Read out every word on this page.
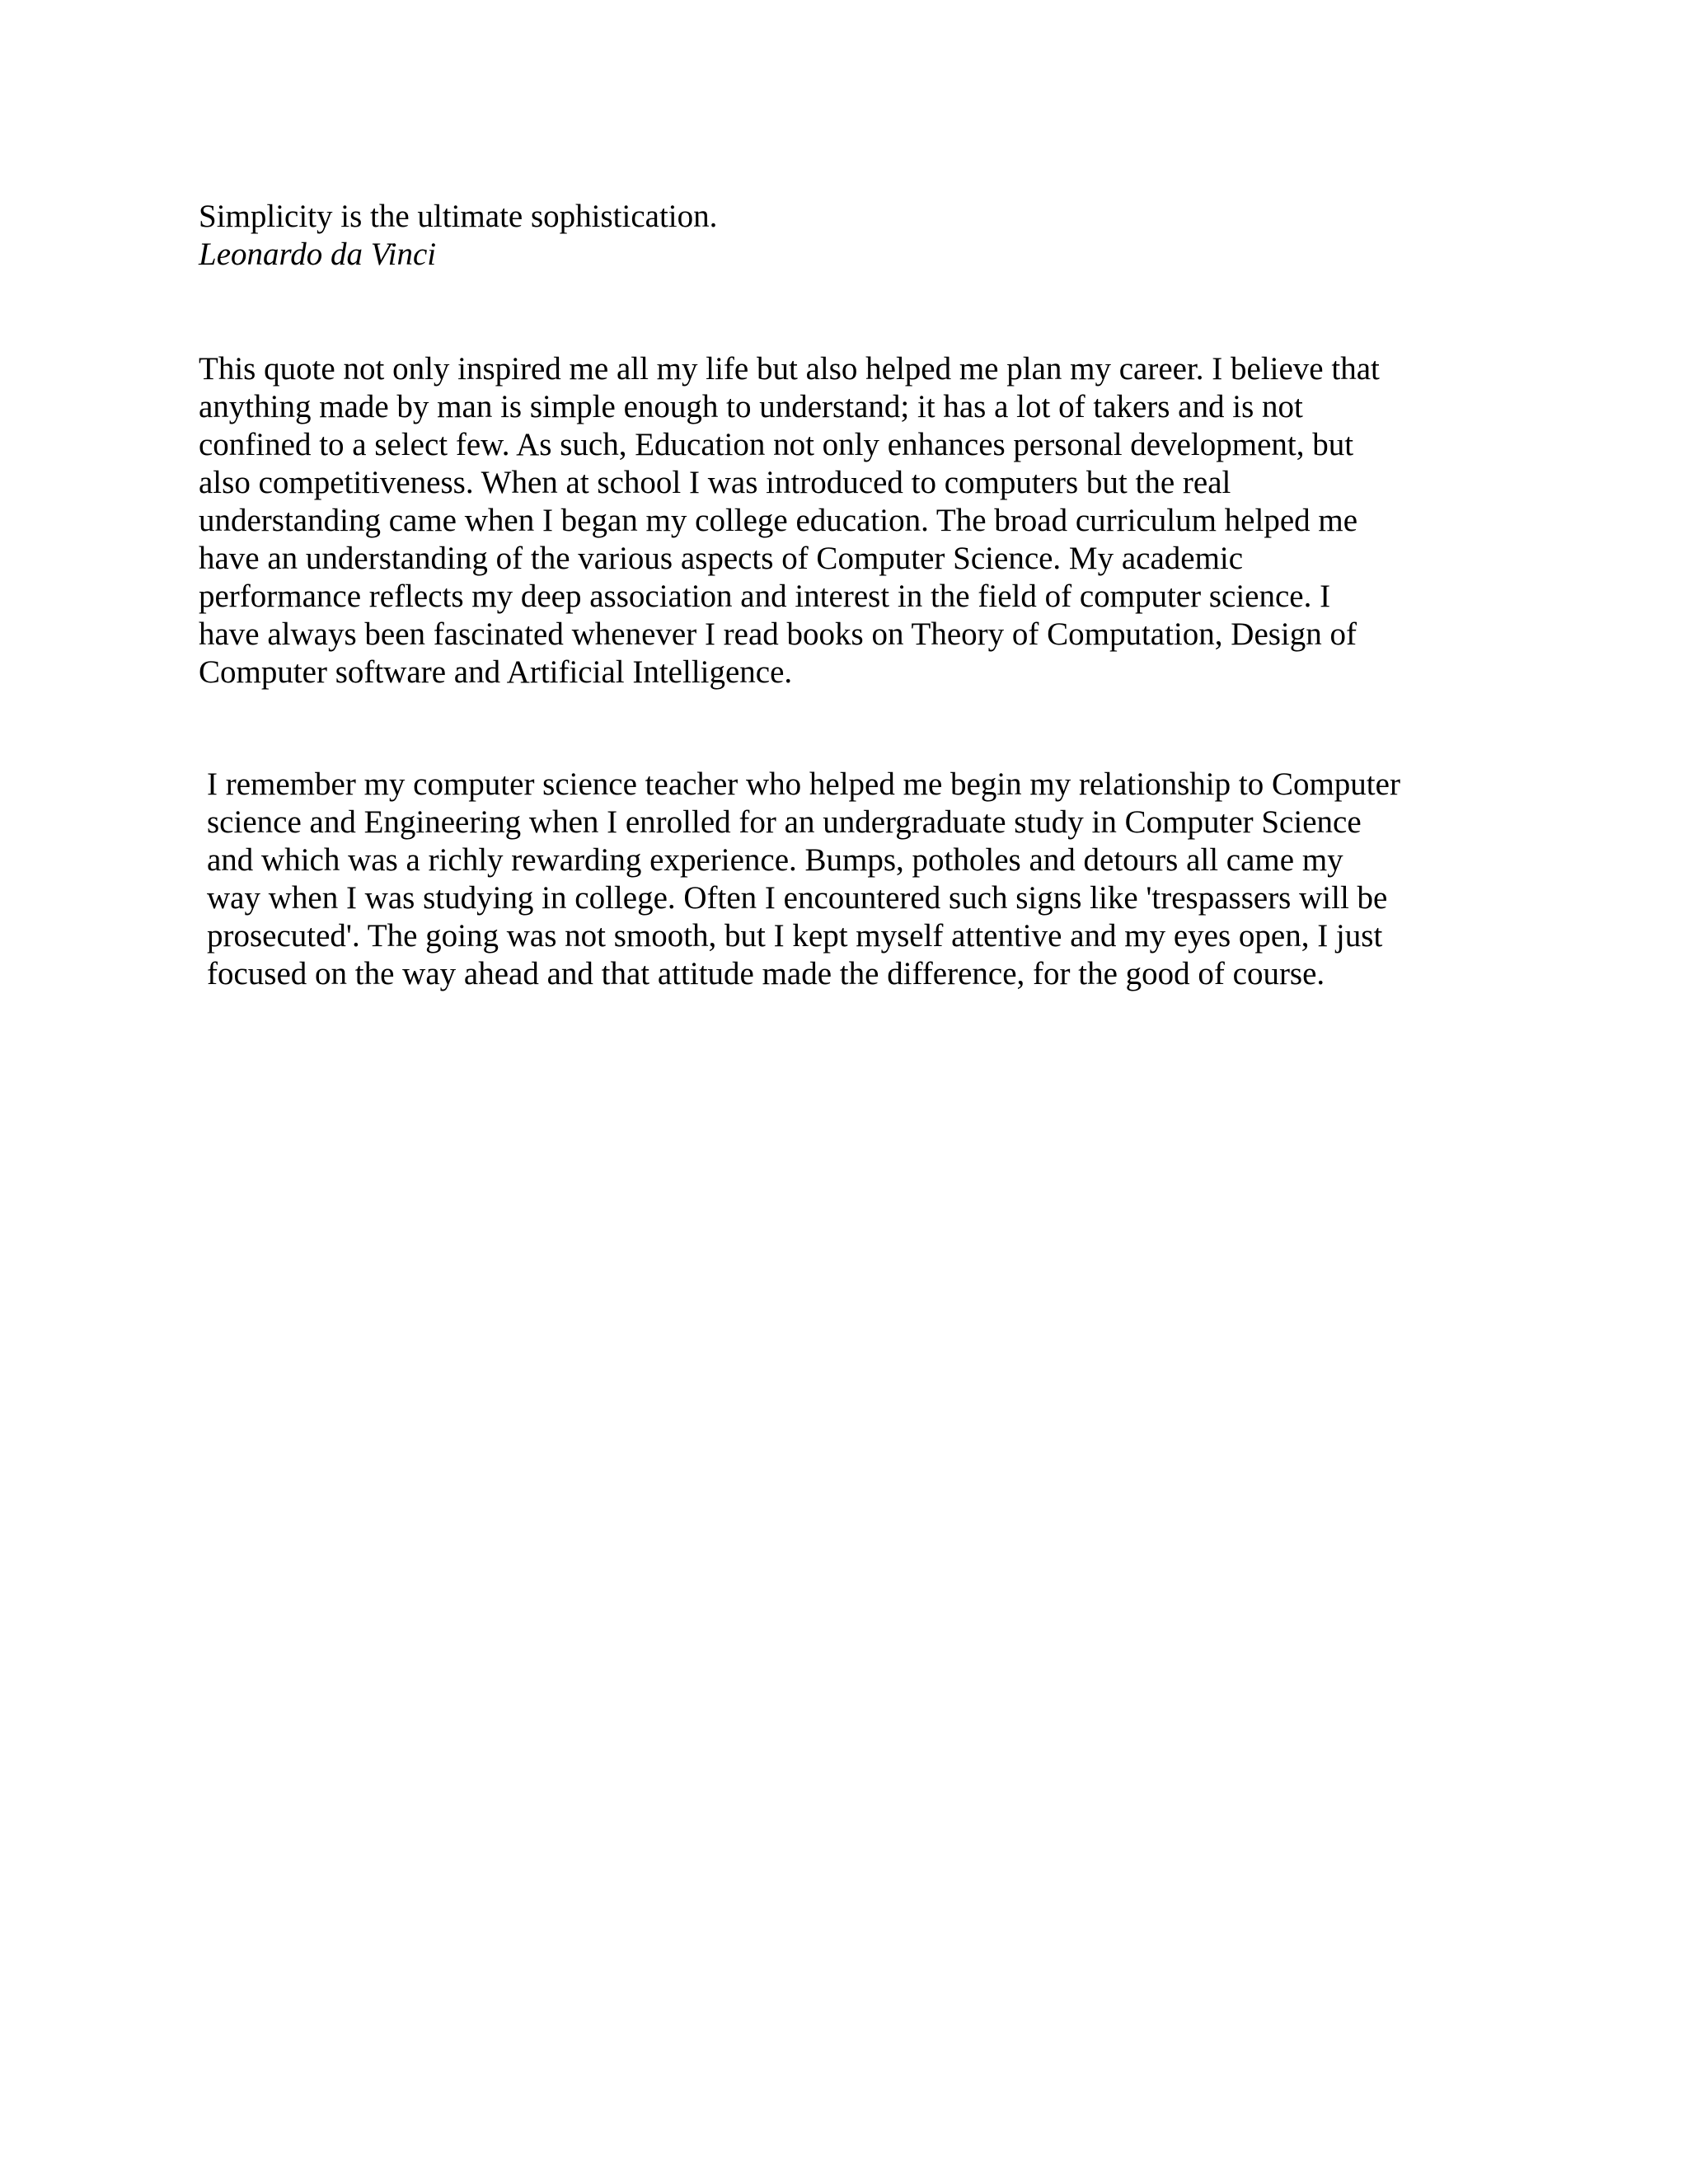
Simplicity is the ultimate sophistication.
Leonardo da Vinci
This quote not only inspired me all my life but also helped me plan my career. I believe that
anything made by man is simple enough to understand; it has a lot of takers and is not
confined to a select few. As such, Education not only enhances personal development, but
also competitiveness. When at school I was introduced to computers but the real
understanding came when I began my college education. The broad curriculum helped me
have an understanding of the various aspects of Computer Science. My academic
performance reflects my deep association and interest in the field of computer science. I
have always been fascinated whenever I read books on Theory of Computation, Design of
Computer software and Artificial Intelligence.
I remember my computer science teacher who helped me begin my relationship to Computer
science and Engineering when I enrolled for an undergraduate study in Computer Science
and which was a richly rewarding experience. Bumps, potholes and detours all came my
way when I was studying in college. Often I encountered such signs like 'trespassers will be
prosecuted'. The going was not smooth, but I kept myself attentive and my eyes open, I just
focused on the way ahead and that attitude made the difference, for the good of course.
